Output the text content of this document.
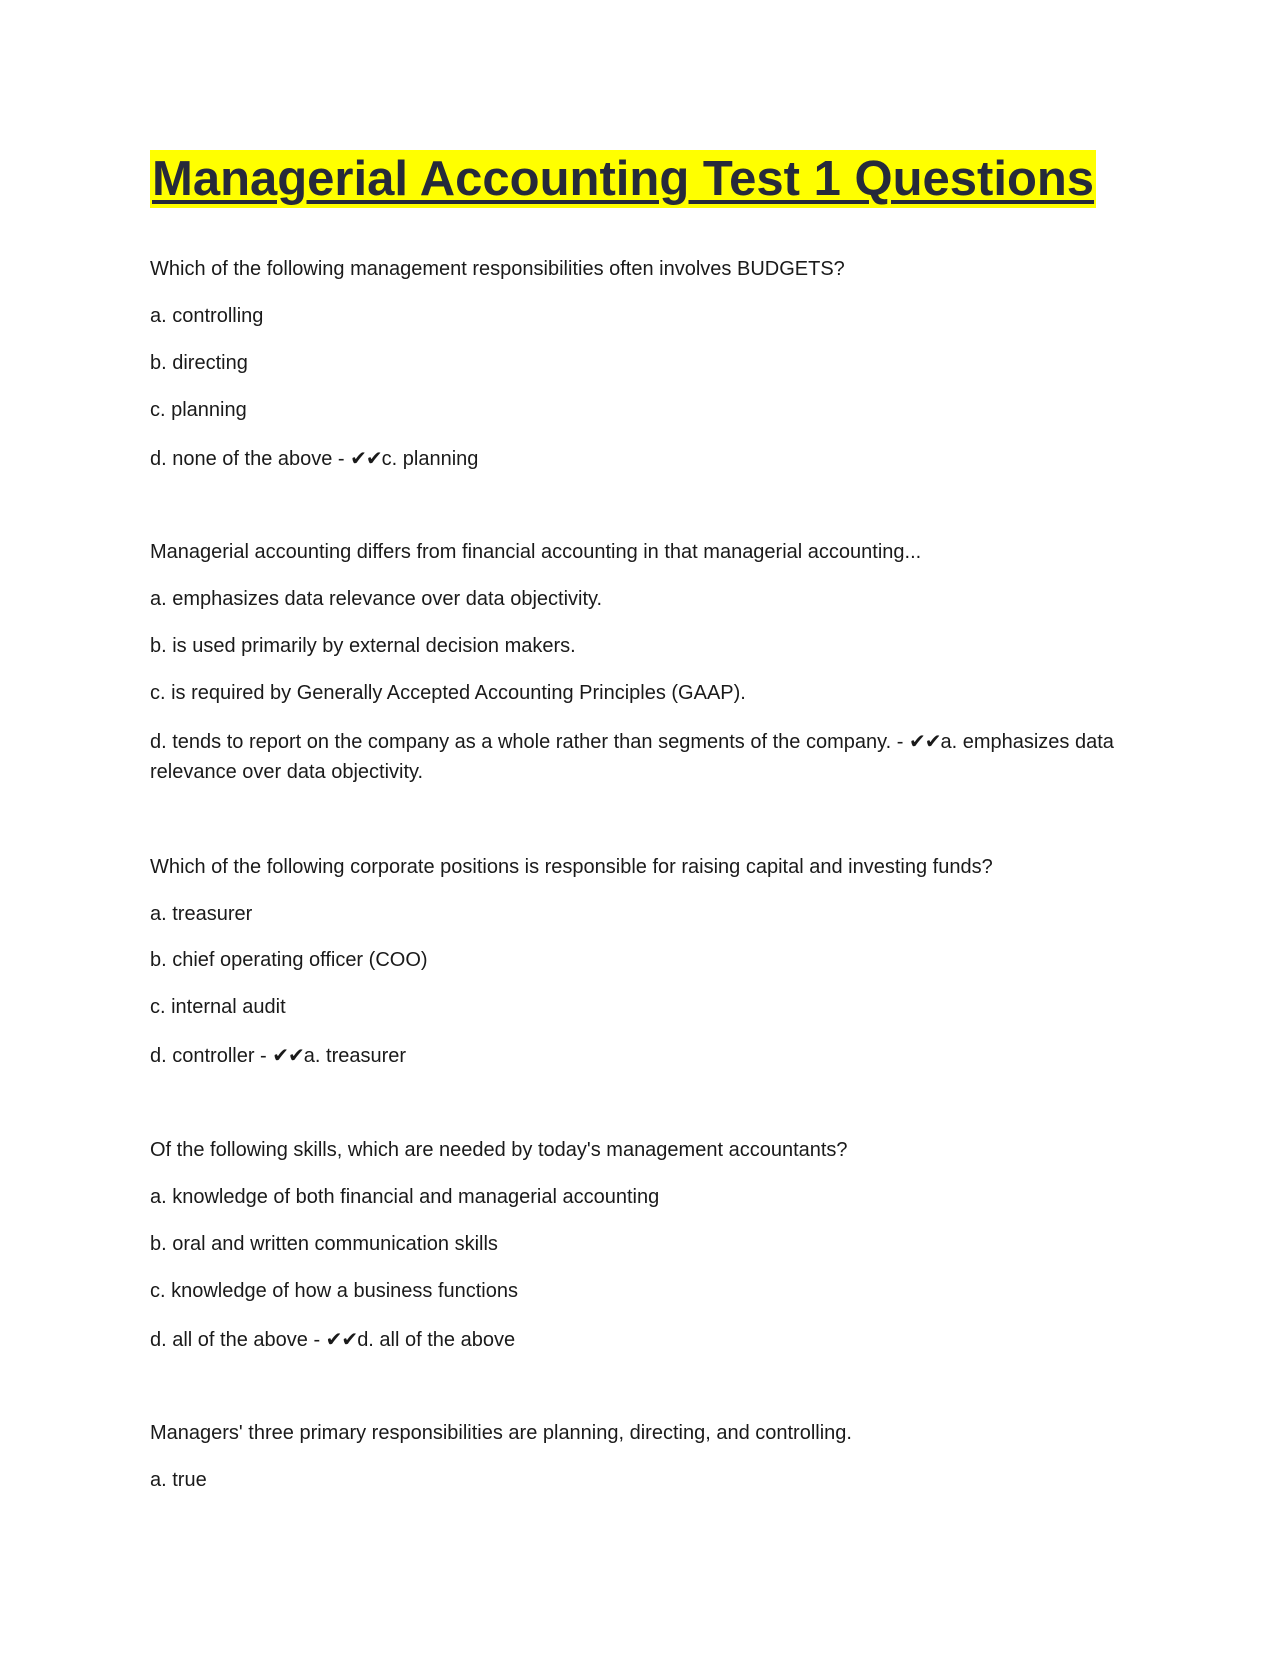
Managerial Accounting Test 1 Questions
Which of the following management responsibilities often involves BUDGETS?
a. controlling
b. directing
c. planning
d. none of the above - ✔✔c. planning
Managerial accounting differs from financial accounting in that managerial accounting...
a. emphasizes data relevance over data objectivity.
b. is used primarily by external decision makers.
c. is required by Generally Accepted Accounting Principles (GAAP).
d. tends to report on the company as a whole rather than segments of the company. - ✔✔a. emphasizes data relevance over data objectivity.
Which of the following corporate positions is responsible for raising capital and investing funds?
a. treasurer
b. chief operating officer (COO)
c. internal audit
d. controller - ✔✔a. treasurer
Of the following skills, which are needed by today's management accountants?
a. knowledge of both financial and managerial accounting
b. oral and written communication skills
c. knowledge of how a business functions
d. all of the above - ✔✔d. all of the above
Managers' three primary responsibilities are planning, directing, and controlling.
a. true
